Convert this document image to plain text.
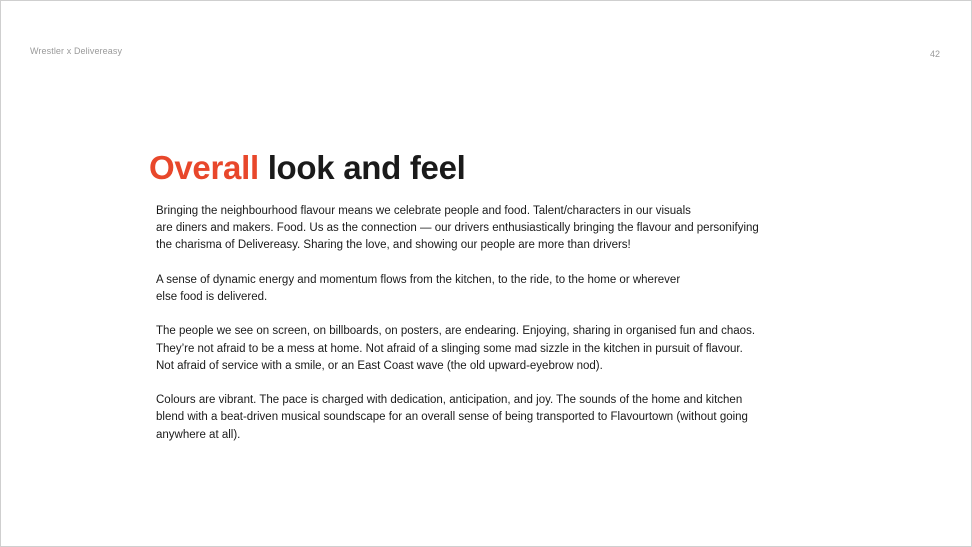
Wrestler x Delivereasy	42
Overall look and feel

Bringing the neighbourhood flavour means we celebrate people and food. Talent/characters in our visuals
are diners and makers. Food. Us as the connection — our drivers enthusiastically bringing the flavour and personifying
the charisma of Delivereasy. Sharing the love, and showing our people are more than drivers!

A sense of dynamic energy and momentum flows from the kitchen, to the ride, to the home or wherever
else food is delivered.

The people we see on screen, on billboards, on posters, are endearing. Enjoying, sharing in organised fun and chaos.
They’re not afraid to be a mess at home. Not afraid of a slinging some mad sizzle in the kitchen in pursuit of flavour.
Not afraid of service with a smile, or an East Coast wave (the old upward-eyebrow nod).

Colours are vibrant. The pace is charged with dedication, anticipation, and joy. The sounds of the home and kitchen
blend with a beat-driven musical soundscape for an overall sense of being transported to Flavourtown (without going
anywhere at all).
